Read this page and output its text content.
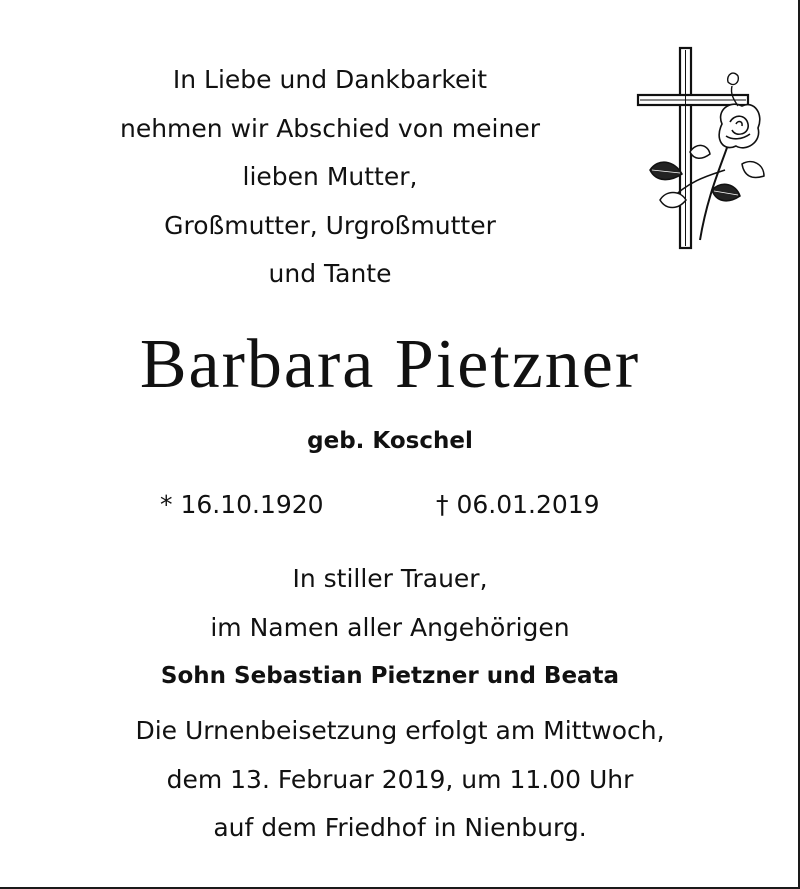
In Liebe und Dankbarkeit
nehmen wir Abschied von meiner
lieben Mutter,
Großmutter, Urgroßmutter
und Tante
Barbara Pietzner
geb. Koschel
* 16.10.1920	† 06.01.2019
In stiller Trauer,
im Namen aller Angehörigen
Sohn Sebastian Pietzner und Beata
Die Urnenbeisetzung erfolgt am Mittwoch,
dem 13. Februar 2019, um 11.00 Uhr
auf dem Friedhof in Nienburg.
